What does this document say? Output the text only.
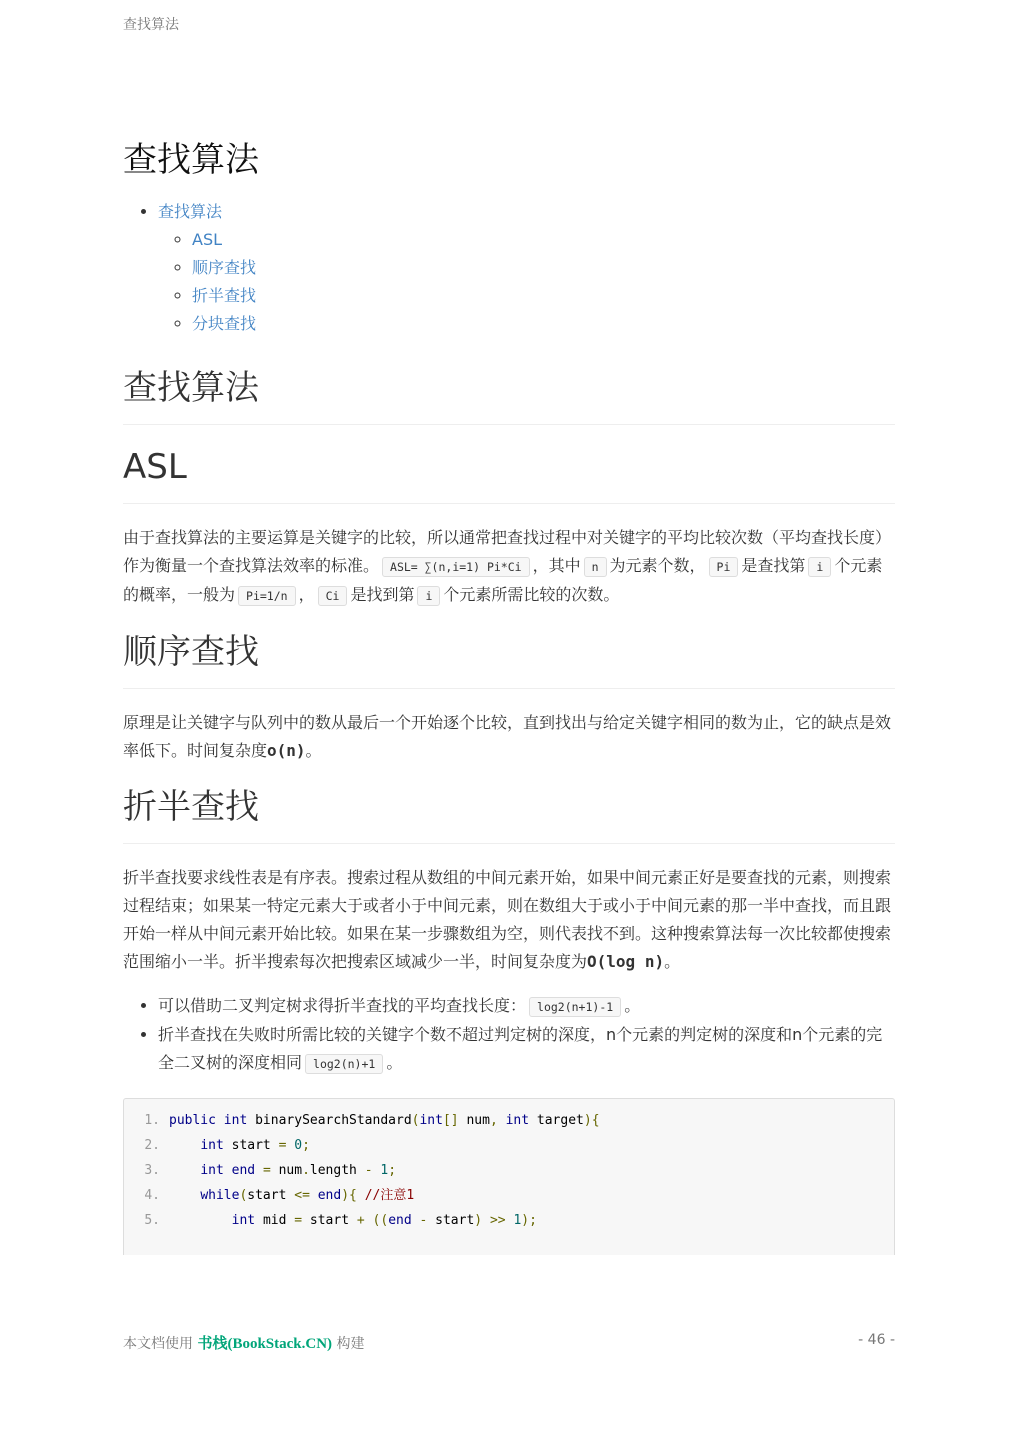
查找算法
查找算法
• 查找算法
◦ ASL
◦ 顺序查找
◦ 折半查找
◦ 分块查找
查找算法
ASL

由于查找算法的主要运算是关键字的比较，所以通常把查找过程中对关键字的平均比较次数（平均查找长度）作为衡量一个查找算法效率的标准。 ASL= ∑(n,i=1) Pi*Ci ，其中 n 为元素个数， Pi 是查找第 i 个元素的概率，一般为 Pi=1/n ， Ci 是找到第 i 个元素所需比较的次数。

顺序查找

原理是让关键字与队列中的数从最后一个开始逐个比较，直到找出与给定关键字相同的数为止，它的缺点是效率低下。时间复杂度o(n)。

折半查找

折半查找要求线性表是有序表。搜索过程从数组的中间元素开始，如果中间元素正好是要查找的元素，则搜索过程结束；如果某一特定元素大于或者小于中间元素，则在数组大于或小于中间元素的那一半中查找，而且跟开始一样从中间元素开始比较。如果在某一步骤数组为空，则代表找不到。这种搜索算法每一次比较都使搜索范围缩小一半。折半搜索每次把搜索区域减少一半，时间复杂度为O(log n)。

• 可以借助二叉判定树求得折半查找的平均查找长度： log2(n+1)-1 。
• 折半查找在失败时所需比较的关键字个数不超过判定树的深度，n个元素的判定树的深度和n个元素的完全二叉树的深度相同 log2(n)+1 。
1. public int binarySearchStandard(int[] num, int target){
2.	int start = 0;
3.	int end = num.length - 1;
4.	while(start <= end){ //注意1
5.	int mid = start + ((end - start) >> 1);
本文档使用 书栈(BookStack.CN) 构建	- 46 -
